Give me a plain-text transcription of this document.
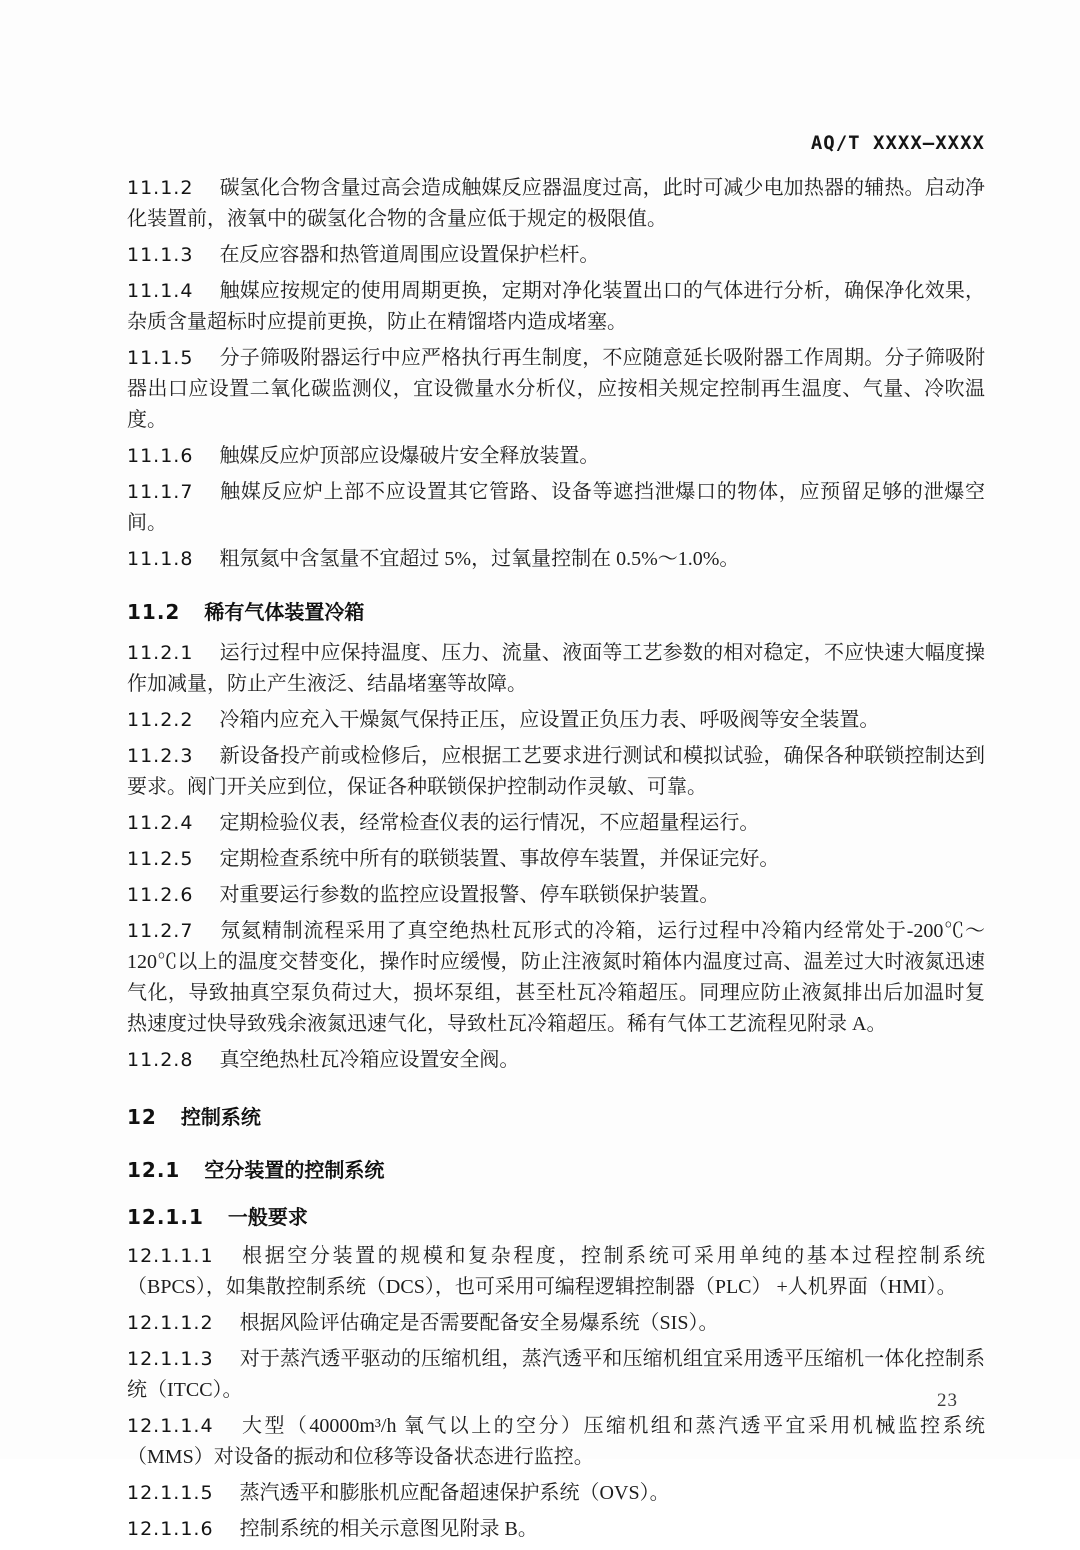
AQ/T XXXX—XXXX

11.1.2 碳氢化合物含量过高会造成触媒反应器温度过高，此时可减少电加热器的辅热。启动净化装置前，液氧中的碳氢化合物的含量应低于规定的极限值。

11.1.3 在反应容器和热管道周围应设置保护栏杆。

11.1.4 触媒应按规定的使用周期更换，定期对净化装置出口的气体进行分析，确保净化效果，杂质含量超标时应提前更换，防止在精馏塔内造成堵塞。

11.1.5 分子筛吸附器运行中应严格执行再生制度，不应随意延长吸附器工作周期。分子筛吸附器出口应设置二氧化碳监测仪，宜设微量水分析仪，应按相关规定控制再生温度、气量、冷吹温度。

11.1.6 触媒反应炉顶部应设爆破片安全释放装置。

11.1.7 触媒反应炉上部不应设置其它管路、设备等遮挡泄爆口的物体，应预留足够的泄爆空间。

11.1.8 粗氖氦中含氢量不宜超过 5%，过氧量控制在 0.5%～1.0%。

11.2 稀有气体装置冷箱

11.2.1 运行过程中应保持温度、压力、流量、液面等工艺参数的相对稳定，不应快速大幅度操作加减量，防止产生液泛、结晶堵塞等故障。

11.2.2 冷箱内应充入干燥氮气保持正压，应设置正负压力表、呼吸阀等安全装置。

11.2.3 新设备投产前或检修后，应根据工艺要求进行测试和模拟试验，确保各种联锁控制达到要求。阀门开关应到位，保证各种联锁保护控制动作灵敏、可靠。

11.2.4 定期检验仪表，经常检查仪表的运行情况，不应超量程运行。

11.2.5 定期检查系统中所有的联锁装置、事故停车装置，并保证完好。

11.2.6 对重要运行参数的监控应设置报警、停车联锁保护装置。

11.2.7 氖氦精制流程采用了真空绝热杜瓦形式的冷箱，运行过程中冷箱内经常处于-200℃～120℃以上的温度交替变化，操作时应缓慢，防止注液氮时箱体内温度过高、温差过大时液氮迅速气化，导致抽真空泵负荷过大，损坏泵组，甚至杜瓦冷箱超压。同理应防止液氮排出后加温时复热速度过快导致残余液氮迅速气化，导致杜瓦冷箱超压。稀有气体工艺流程见附录 A。

11.2.8 真空绝热杜瓦冷箱应设置安全阀。

12 控制系统

12.1 空分装置的控制系统

12.1.1 一般要求

12.1.1.1 根据空分装置的规模和复杂程度，控制系统可采用单纯的基本过程控制系统（BPCS），如集散控制系统（DCS），也可采用可编程逻辑控制器（PLC） +人机界面（HMI）。

12.1.1.2 根据风险评估确定是否需要配备安全易爆系统（SIS）。

12.1.1.3 对于蒸汽透平驱动的压缩机组，蒸汽透平和压缩机组宜采用透平压缩机一体化控制系统（ITCC）。

12.1.1.4 大型（40000m³/h 氧气以上的空分）压缩机组和蒸汽透平宜采用机械监控系统（MMS）对设备的振动和位移等设备状态进行监控。

12.1.1.5 蒸汽透平和膨胀机应配备超速保护系统（OVS）。

12.1.1.6 控制系统的相关示意图见附录 B。

23
